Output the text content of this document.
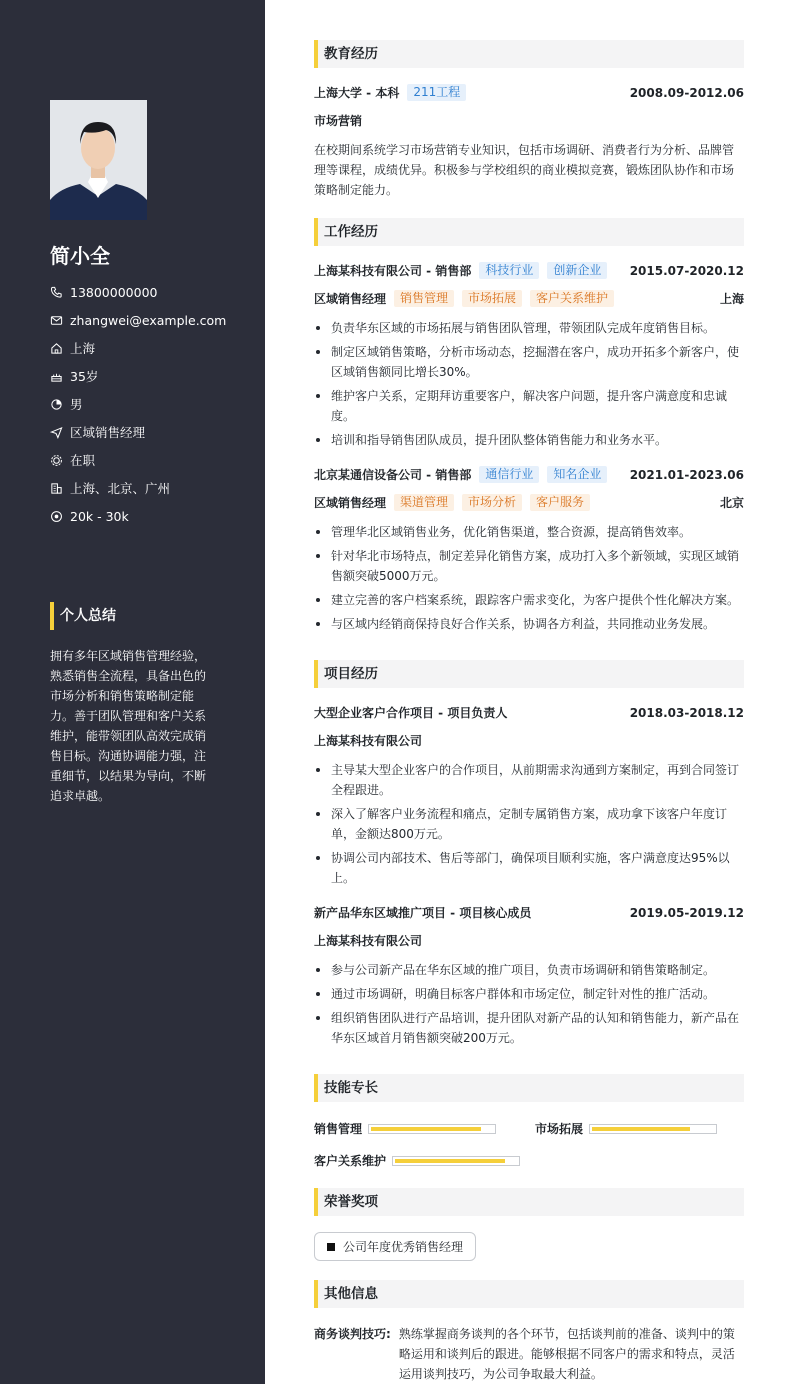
简小全
13800000000
zhangwei@example.com
上海
35岁
男
区域销售经理
在职
上海、北京、广州
20k - 30k
个人总结
拥有多年区域销售管理经验，熟悉销售全流程，具备出色的市场分析和销售策略制定能力。善于团队管理和客户关系维护，能带领团队高效完成销售目标。沟通协调能力强，注重细节，以结果为导向，不断追求卓越。
教育经历
上海大学 - 本科	211工程	2008.09-2012.06
市场营销
在校期间系统学习市场营销专业知识，包括市场调研、消费者行为分析、品牌管理等课程，成绩优异。积极参与学校组织的商业模拟竞赛，锻炼团队协作和市场策略制定能力。
工作经历
上海某科技有限公司 - 销售部	科技行业	创新企业	2015.07-2020.12
区域销售经理	销售管理	市场拓展	客户关系维护	上海
负责华东区域的市场拓展与销售团队管理，带领团队完成年度销售目标。
制定区域销售策略，分析市场动态，挖掘潜在客户，成功开拓多个新客户，使区域销售额同比增长30%。
维护客户关系，定期拜访重要客户，解决客户问题，提升客户满意度和忠诚度。
培训和指导销售团队成员，提升团队整体销售能力和业务水平。
北京某通信设备公司 - 销售部	通信行业	知名企业	2021.01-2023.06
区域销售经理	渠道管理	市场分析	客户服务	北京
管理华北区域销售业务，优化销售渠道，整合资源，提高销售效率。
针对华北市场特点，制定差异化销售方案，成功打入多个新领域，实现区域销售额突破5000万元。
建立完善的客户档案系统，跟踪客户需求变化，为客户提供个性化解决方案。
与区域内经销商保持良好合作关系，协调各方利益，共同推动业务发展。
项目经历
大型企业客户合作项目 - 项目负责人	2018.03-2018.12
上海某科技有限公司
主导某大型企业客户的合作项目，从前期需求沟通到方案制定，再到合同签订全程跟进。
深入了解客户业务流程和痛点，定制专属销售方案，成功拿下该客户年度订单，金额达800万元。
协调公司内部技术、售后等部门，确保项目顺利实施，客户满意度达95%以上。
新产品华东区域推广项目 - 项目核心成员	2019.05-2019.12
上海某科技有限公司
参与公司新产品在华东区域的推广项目，负责市场调研和销售策略制定。
通过市场调研，明确目标客户群体和市场定位，制定针对性的推广活动。
组织销售团队进行产品培训，提升团队对新产品的认知和销售能力，新产品在华东区域首月销售额突破200万元。
技能专长
销售管理	市场拓展
客户关系维护
荣誉奖项
公司年度优秀销售经理
其他信息
商务谈判技巧: 熟练掌握商务谈判的各个环节，包括谈判前的准备、谈判中的策略运用和谈判后的跟进。能够根据不同客户的需求和特点，灵活运用谈判技巧，为公司争取最大利益。
